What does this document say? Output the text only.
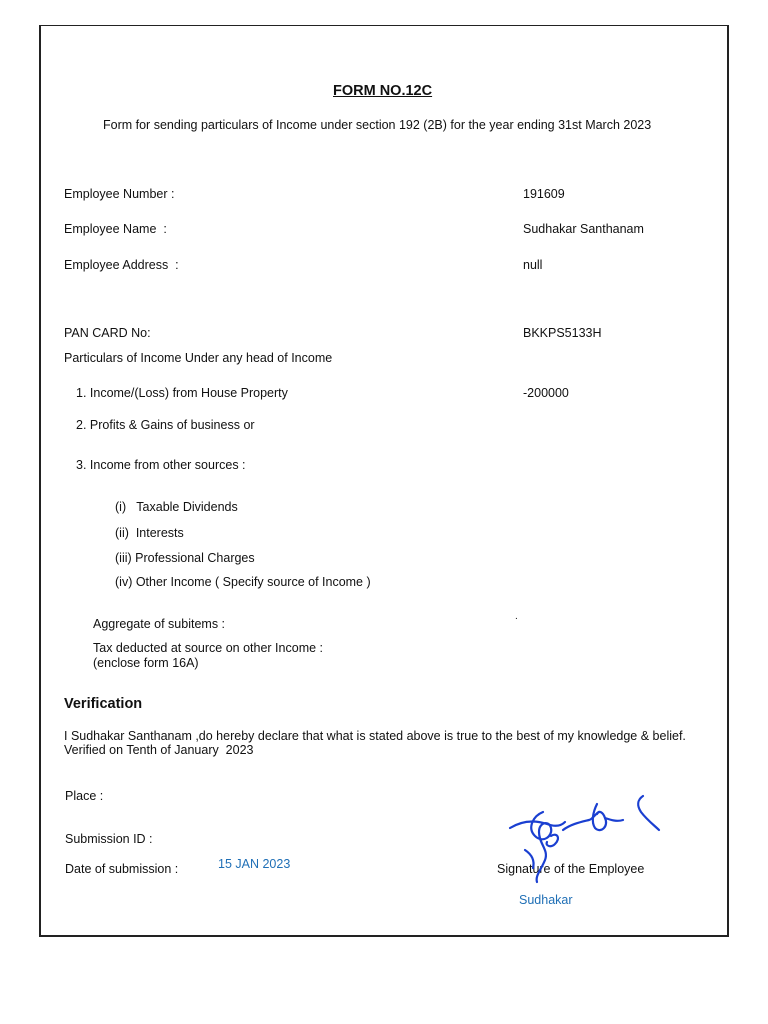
FORM NO.12C
Form for sending particulars of Income under section 192 (2B) for the year ending 31st March 2023
Employee Number :	191609
Employee Name  :	Sudhakar Santhanam
Employee Address  :	null
PAN CARD No:	BKKPS5133H
Particulars of Income Under any head of Income
1. Income/(Loss) from House Property	-200000
2. Profits & Gains of business or
3. Income from other sources :
(i)   Taxable Dividends
(ii)  Interests
(iii) Professional Charges
(iv) Other Income ( Specify source of Income )
.
Aggregate of subitems :
Tax deducted at source on other Income :
(enclose form 16A)
Verification
I Sudhakar Santhanam ,do hereby declare that what is stated above is true to the best of my knowledge & belief.
Verified on Tenth of January  2023
Place :
Submission ID :
Date of submission :	15 JAN 2023	Signature of the Employee
Sudhakar
